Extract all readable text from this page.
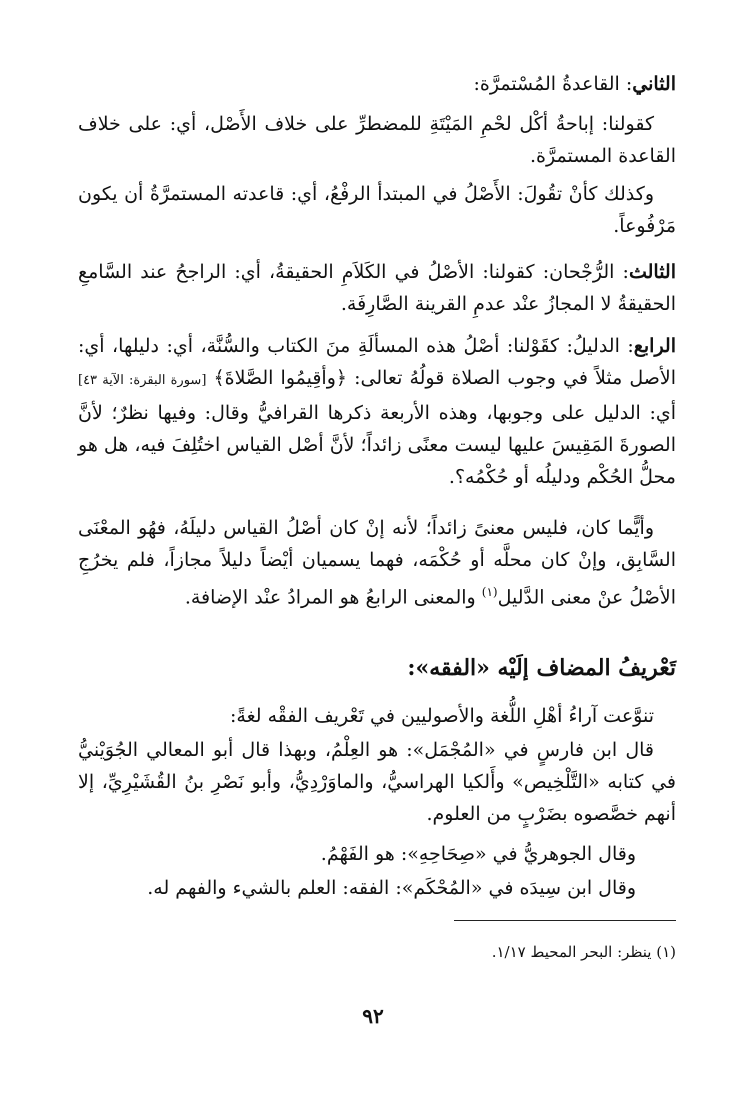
الثاني: القاعدةُ المُسْتمرَّة:

كقولنا: إباحةُ أكْل لحْمِ المَيْتَةِ للمضطرِّ على خلاف الأَصْل، أي: على خلاف القاعدة المستمرَّة.

وكذلك كأنْ تقُولَ: الأَصْلُ في المبتدأ الرفْعُ، أي: قاعدته المستمرَّةُ أن يكون مَرْفُوعاً.

الثالث: الرُّجْحان: كقولنا: الأصْلُ في الكَلاَمِ الحقيقةُ، أي: الراجحُ عند السَّامعِ الحقيقةُ لا المجازُ عنْد عدمِ القرينة الصَّارِفَة.

الرابع: الدليلُ: كقَوْلنا: أصْلُ هذه المسألَةِ منَ الكتاب والسُّنَّة، أي: دليلها، أي: الأصل مثلاً في وجوب الصلاة قولُهُ تعالى: ﴿وأقِيمُوا الصَّلاةَ﴾ [سورة البقرة: الآية ٤٣] أي: الدليل على وجوبها، وهذه الأربعة ذكرها القرافيُّ وقال: وفيها نظرٌ؛ لأنَّ الصورةَ المَقِيسَ عليها ليست معنًى زائداً؛ لأنَّ أصْل القياس اختُلِفَ فيه، هل هو محلُّ الحُكْم ودليلُه أو حُكْمُه؟.

وأيًّما كان، فليس معنىً زائداً؛ لأنه إنْ كان أصْلُ القياس دليلَهُ، فهُو المعْنَى السَّابِق، وإنْ كان محلَّه أو حُكْمَه، فهما يسميان أيْضاً دليلاً مجازاً، فلم يخرُجِ الأصْلُ عنْ معنى الدَّليل$^{(١)}$ والمعنى الرابعُ هو المرادُ عنْد الإضافة.

تَعْريفُ المضاف إلَيْه «الفقه»:

تنوَّعت آراءُ أهْلِ اللُّغة والأصوليين في تَعْريف الفقْه لغةً:

قال ابن فارسٍ في «المُجْمَل»: هو العِلْمُ، وبهذا قال أبو المعالي الجُوَيْنيُّ في كتابه «التَّلْخِيص» وأَلكيا الهراسيُّ، والماوَرْدِيُّ، وأبو نَصْرِ بنُ القُشَيْرِيِّ، إلا أنهم خصَّصوه بضَرْبٍ من العلوم.

وقال الجوهريُّ في «صِحَاحِهِ»: هو الفَهْمُ.

وقال ابن سِيدَه في «المُحْكَم»: الفقه: العلم بالشيء والفهم له.

(١) ينظر: البحر المحيط ١/١٧.

٩٢
